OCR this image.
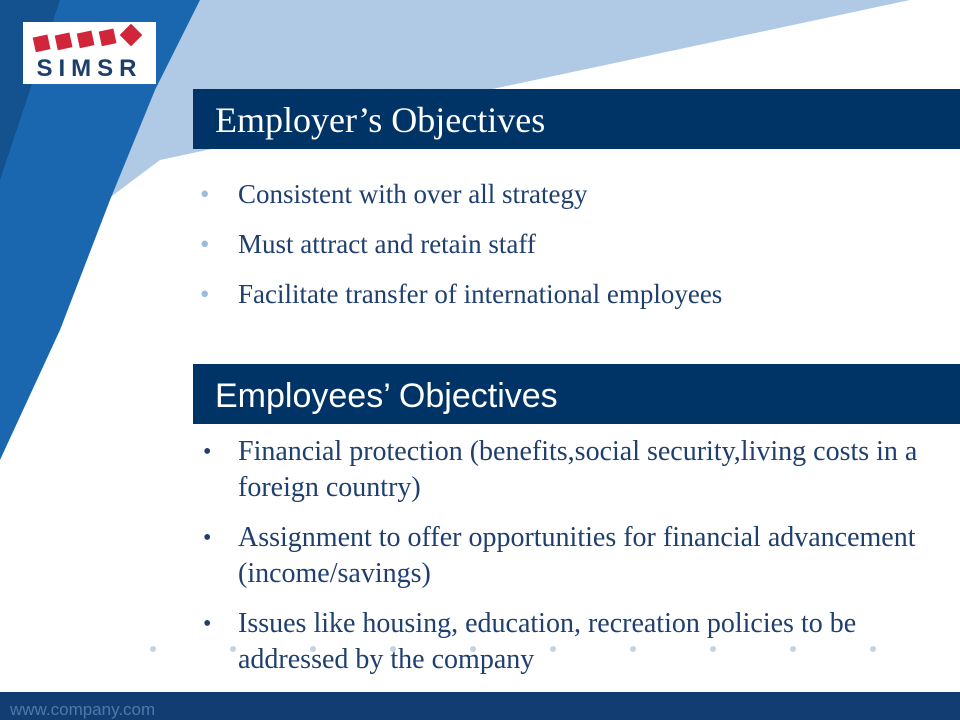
SIMSR
Employer’s Objectives
• Consistent with over all strategy
• Must attract and retain staff
• Facilitate transfer of international employees
Employees’ Objectives
• Financial protection (benefits,social security,living costs in a foreign country)
• Assignment to offer opportunities for financial advancement (income/savings)
• Issues like housing, education, recreation policies to be addressed by the company
www.company.com
